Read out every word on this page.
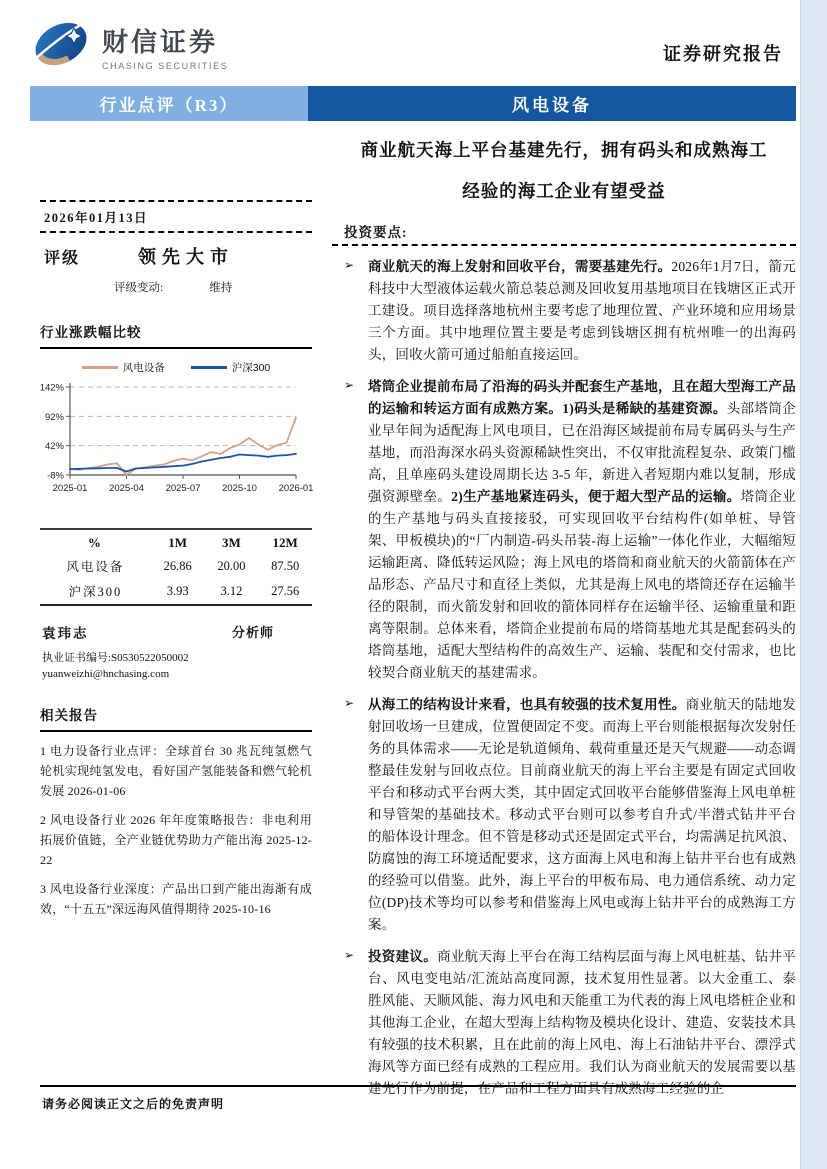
财信证券
CHASING SECURITIES
证券研究报告
行业点评（R3）	风电设备
2026年01月13日
评级	领先大市
评级变动:	维持
行业涨跌幅比较
风电设备	沪深300
142%
92%
42%
-8%
2025-01 2025-04 2025-07 2025-10 2026-01
%	1M	3M	12M
风电设备	26.86	20.00	87.50
沪深300	3.93	3.12	27.56
袁玮志	分析师
执业证书编号:S0530522050002
yuanweizhi@hnchasing.com
相关报告
1 电力设备行业点评：全球首台 30 兆瓦纯氢燃气轮机实现纯氢发电，看好国产氢能装备和燃气轮机发展 2026-01-06
2 风电设备行业 2026 年年度策略报告：非电利用拓展价值链，全产业链优势助力产能出海 2025-12-22
3 风电设备行业深度：产品出口到产能出海渐有成效，“十五五”深远海风值得期待 2025-10-16
商业航天海上平台基建先行，拥有码头和成熟海工
经验的海工企业有望受益
投资要点:
➢	商业航天的海上发射和回收平台，需要基建先行。2026年1月7日，箭元科技中大型液体运载火箭总装总测及回收复用基地项目在钱塘区正式开工建设。项目选择落地杭州主要考虑了地理位置、产业环境和应用场景三个方面。其中地理位置主要是考虑到钱塘区拥有杭州唯一的出海码头，回收火箭可通过船舶直接运回。

➢	塔筒企业提前布局了沿海的码头并配套生产基地，且在超大型海工产品的运输和转运方面有成熟方案。1)码头是稀缺的基建资源。头部塔筒企业早年间为适配海上风电项目，已在沿海区域提前布局专属码头与生产基地，而沿海深水码头资源稀缺性突出，不仅审批流程复杂、政策门槛高，且单座码头建设周期长达 3-5 年，新进入者短期内难以复制，形成强资源壁垒。2)生产基地紧连码头，便于超大型产品的运输。塔筒企业的生产基地与码头直接接驳，可实现回收平台结构件(如单桩、导管架、甲板模块)的“厂内制造-码头吊装-海上运输”一体化作业，大幅缩短运输距离、降低转运风险；海上风电的塔筒和商业航天的火箭箭体在产品形态、产品尺寸和直径上类似，尤其是海上风电的塔筒还存在运输半径的限制，而火箭发射和回收的箭体同样存在运输半径、运输重量和距离等限制。总体来看，塔筒企业提前布局的塔筒基地尤其是配套码头的塔筒基地，适配大型结构件的高效生产、运输、装配和交付需求，也比较契合商业航天的基建需求。

➢	从海工的结构设计来看，也具有较强的技术复用性。商业航天的陆地发射回收场一旦建成，位置便固定不变。而海上平台则能根据每次发射任务的具体需求——无论是轨道倾角、载荷重量还是天气规避——动态调整最佳发射与回收点位。目前商业航天的海上平台主要是有固定式回收平台和移动式平台两大类，其中固定式回收平台能够借鉴海上风电单桩和导管架的基础技术。移动式平台则可以参考自升式/半潜式钻井平台的船体设计理念。但不管是移动式还是固定式平台，均需满足抗风浪、防腐蚀的海工环境适配要求，这方面海上风电和海上钻井平台也有成熟的经验可以借鉴。此外，海上平台的甲板布局、电力通信系统、动力定位(DP)技术等均可以参考和借鉴海上风电或海上钻井平台的成熟海工方案。

➢	投资建议。商业航天海上平台在海工结构层面与海上风电桩基、钻井平台、风电变电站/汇流站高度同源，技术复用性显著。以大金重工、泰胜风能、天顺风能、海力风电和天能重工为代表的海上风电塔桩企业和其他海工企业，在超大型海上结构物及模块化设计、建造、安装技术具有较强的技术积累，且在此前的海上风电、海上石油钻井平台、漂浮式海风等方面已经有成熟的工程应用。我们认为商业航天的发展需要以基建先行作为前提，在产品和工程方面具有成熟海工经验的企

请务必阅读正文之后的免责声明
